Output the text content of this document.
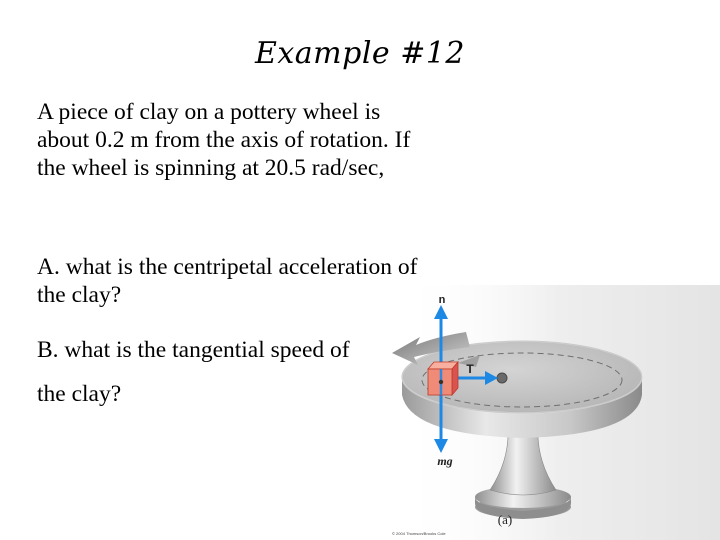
Example #12
A piece of clay on a pottery wheel is about 0.2 m from the axis of rotation. If the wheel is spinning at 20.5 rad/sec,
A. what is the centripetal acceleration of the clay?
B. what is the tangential speed of
the clay?
n
mg
T
(a)
© 2004 Thomson/Brooks Cole
